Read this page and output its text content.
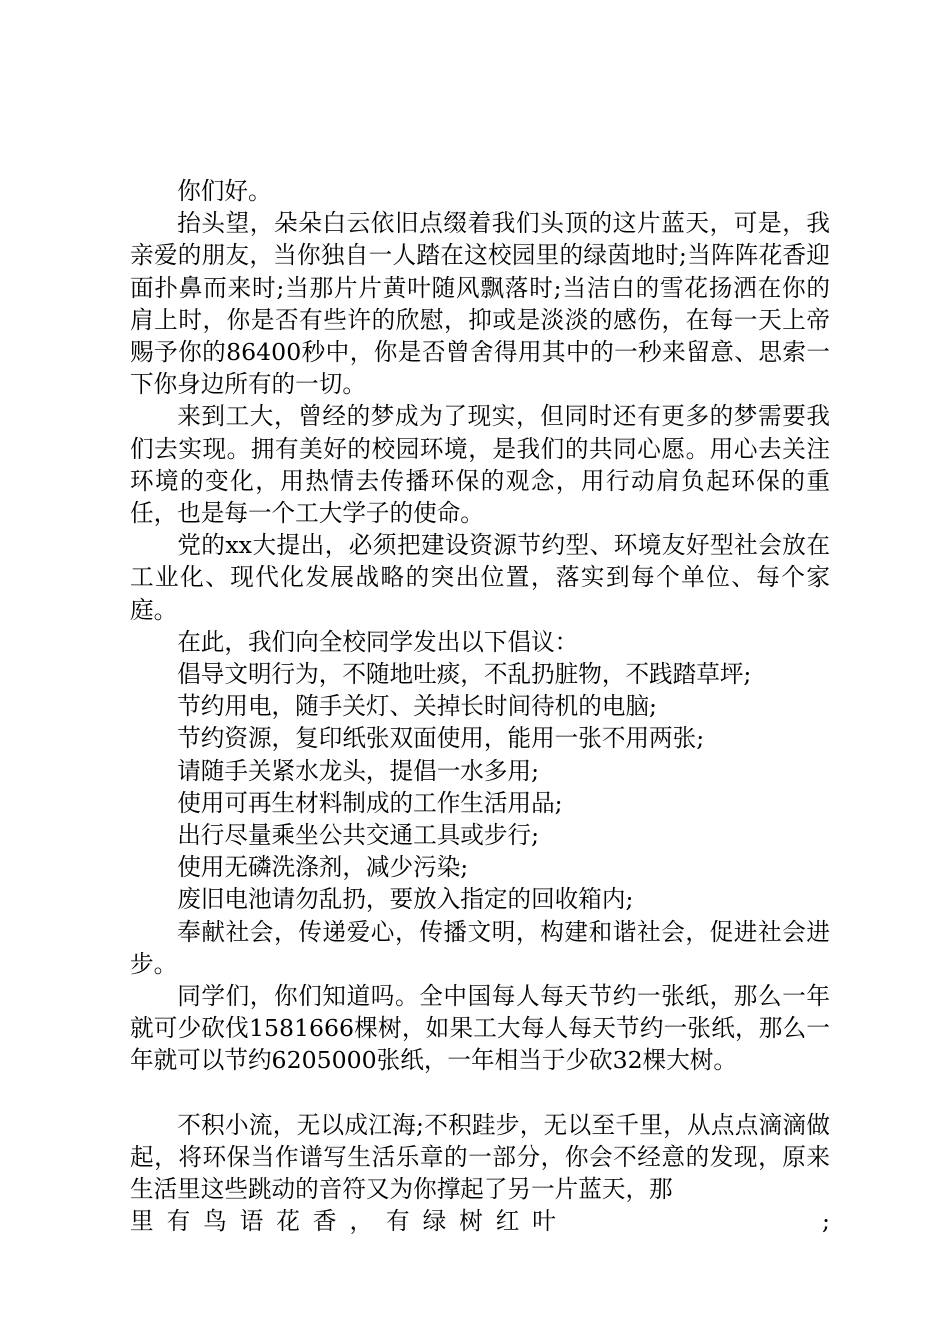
你们好。

抬头望，朵朵白云依旧点缀着我们头顶的这片蓝天，可是，我亲爱的朋友，当你独自一人踏在这校园里的绿茵地时;当阵阵花香迎面扑鼻而来时;当那片片黄叶随风飘落时;当洁白的雪花扬洒在你的肩上时，你是否有些许的欣慰，抑或是淡淡的感伤，在每一天上帝赐予你的86400秒中，你是否曾舍得用其中的一秒来留意、思索一下你身边所有的一切。

来到工大，曾经的梦成为了现实，但同时还有更多的梦需要我们去实现。拥有美好的校园环境，是我们的共同心愿。用心去关注环境的变化，用热情去传播环保的观念，用行动肩负起环保的重任，也是每一个工大学子的使命。

党的xx大提出，必须把建设资源节约型、环境友好型社会放在工业化、现代化发展战略的突出位置，落实到每个单位、每个家庭。

在此，我们向全校同学发出以下倡议：

倡导文明行为，不随地吐痰，不乱扔脏物，不践踏草坪;

节约用电，随手关灯、关掉长时间待机的电脑;

节约资源，复印纸张双面使用，能用一张不用两张;

请随手关紧水龙头，提倡一水多用;

使用可再生材料制成的工作生活用品;

出行尽量乘坐公共交通工具或步行;

使用无磷洗涤剂，减少污染;

废旧电池请勿乱扔，要放入指定的回收箱内;

奉献社会，传递爱心，传播文明，构建和谐社会，促进社会进步。

同学们，你们知道吗。全中国每人每天节约一张纸，那么一年就可少砍伐1581666棵树，如果工大每人每天节约一张纸，那么一年就可以节约6205000张纸，一年相当于少砍32棵大树。

不积小流，无以成江海;不积跬步，无以至千里，从点点滴滴做起，将环保当作谱写生活乐章的一部分，你会不经意的发现，原来生活里这些跳动的音符又为你撑起了另一片蓝天，那

里有鸟语花香，有绿树红叶	;
